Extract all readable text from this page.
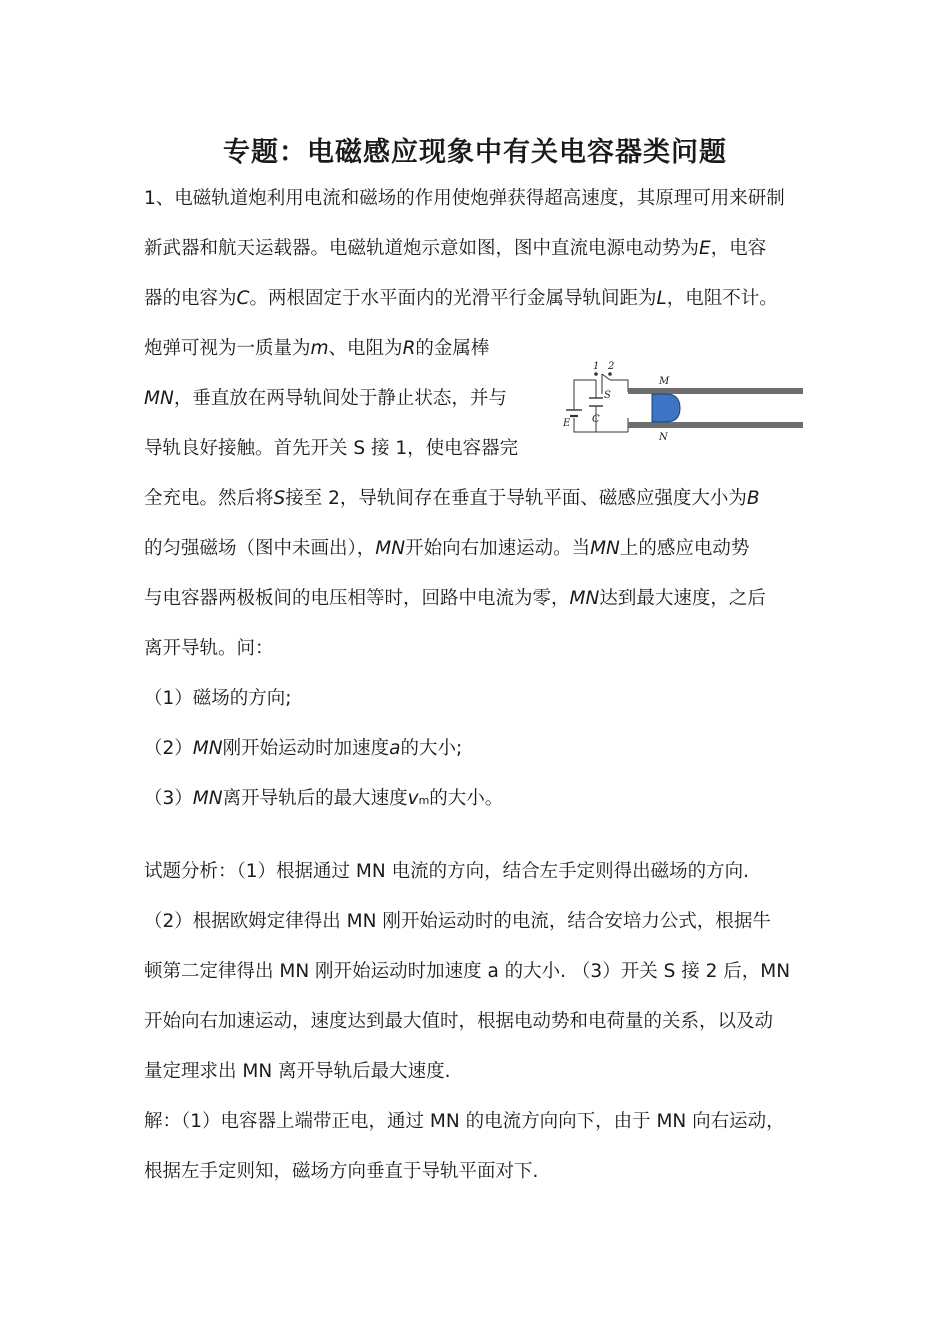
专题：电磁感应现象中有关电容器类问题
1、电磁轨道炮利用电流和磁场的作用使炮弹获得超高速度，其原理可用来研制
新武器和航天运载器。电磁轨道炮示意如图，图中直流电源电动势为E，电容
器的电容为C。两根固定于水平面内的光滑平行金属导轨间距为L，电阻不计。
炮弹可视为一质量为m、电阻为R的金属棒
MN，垂直放在两导轨间处于静止状态，并与
导轨良好接触。首先开关 S 接 1，使电容器完
全充电。然后将S接至 2，导轨间存在垂直于导轨平面、磁感应强度大小为B
的匀强磁场（图中未画出），MN开始向右加速运动。当MN上的感应电动势
与电容器两极板间的电压相等时，回路中电流为零，MN达到最大速度，之后
离开导轨。问：
（1）磁场的方向;
（2）MN刚开始运动时加速度a的大小;
（3）MN离开导轨后的最大速度vm的大小。
试题分析：（1）根据通过 MN 电流的方向，结合左手定则得出磁场的方向.
（2）根据欧姆定律得出 MN 刚开始运动时的电流，结合安培力公式，根据牛
顿第二定律得出 MN 刚开始运动时加速度 a 的大小. （3）开关 S 接 2 后，MN
开始向右加速运动，速度达到最大值时，根据电动势和电荷量的关系，以及动
量定理求出 MN 离开导轨后最大速度.
解：（1）电容器上端带正电，通过 MN 的电流方向向下，由于 MN 向右运动，
根据左手定则知，磁场方向垂直于导轨平面对下.
1 2
S
E C
M
N
